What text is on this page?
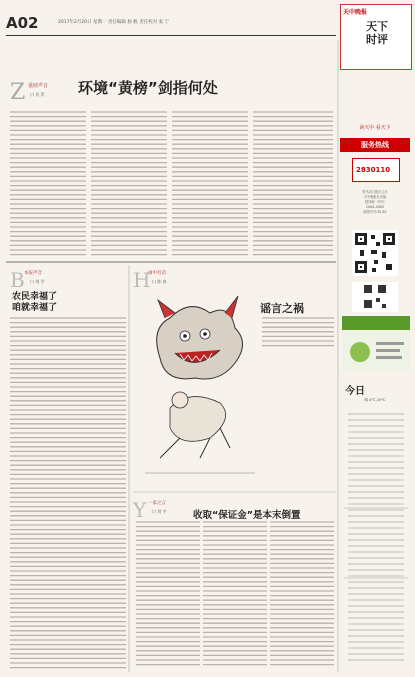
A02	2017年2月20日 星期一 责任编辑 杨 帆 责任校对 张 宁
天中晚报
天下
时评
Z 重磅声音
口 肖 青 环境“黄榜”剑指何处
B 本报声音
口 刘 学
农民幸福了
咱就幸福了
H
画中有话
口 陈 春
谣言之祸
Y 一家之言
口 刘 宇	收取“保证金”是本末倒置
读天中 看天下
服务热线
2830110
驻马店日报社主办
天中晚报社出版
国内统一刊号:
CN41-0083
邮发代号:35-82
今日
晴 4℃-19℃
